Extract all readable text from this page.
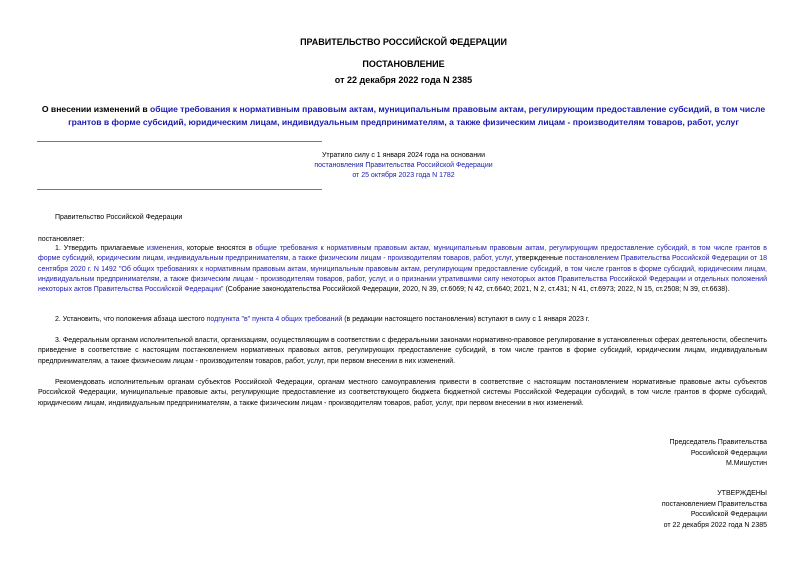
ПРАВИТЕЛЬСТВО РОССИЙСКОЙ ФЕДЕРАЦИИ
ПОСТАНОВЛЕНИЕ
от 22 декабря 2022 года N 2385
О внесении изменений в общие требования к нормативным правовым актам, муниципальным правовым актам, регулирующим предоставление субсидий, в том числе грантов в форме субсидий, юридическим лицам, индивидуальным предпринимателям, а также физическим лицам - производителям товаров, работ, услуг
Утратило силу с 1 января 2024 года на основании
постановления Правительства Российской Федерации
от 25 октября 2023 года N 1782
Правительство Российской Федерации
постановляет:
1. Утвердить прилагаемые изменения, которые вносятся в общие требования к нормативным правовым актам, муниципальным правовым актам, регулирующим предоставление субсидий, в том числе грантов в форме субсидий, юридическим лицам, индивидуальным предпринимателям, а также физическим лицам - производителям товаров, работ, услуг, утвержденные постановлением Правительства Российской Федерации от 18 сентября 2020 г. N 1492 "Об общих требованиях к нормативным правовым актам, муниципальным правовым актам, регулирующим предоставление субсидий, в том числе грантов в форме субсидий, юридическим лицам, индивидуальным предпринимателям, а также физическим лицам - производителям товаров, работ, услуг, и о признании утратившими силу некоторых актов Правительства Российской Федерации и отдельных положений некоторых актов Правительства Российской Федерации" (Собрание законодательства Российской Федерации, 2020, N 39, ст.6069; N 42, ст.6640; 2021, N 2, ст.431; N 41, ст.6973; 2022, N 15, ст.2508; N 39, ст.6638).
2. Установить, что положения абзаца шестого подпункта "в" пункта 4 общих требований (в редакции настоящего постановления) вступают в силу с 1 января 2023 г.
3. Федеральным органам исполнительной власти, организациям, осуществляющим в соответствии с федеральными законами нормативно-правовое регулирование в установленных сферах деятельности, обеспечить приведение в соответствие с настоящим постановлением нормативных правовых актов, регулирующих предоставление субсидий, в том числе грантов в форме субсидий, юридическим лицам, индивидуальным предпринимателям, а также физическим лицам - производителям товаров, работ, услуг, при первом внесении в них изменений.
Рекомендовать исполнительным органам субъектов Российской Федерации, органам местного самоуправления привести в соответствие с настоящим постановлением нормативные правовые акты субъектов Российской Федерации, муниципальные правовые акты, регулирующие предоставление из соответствующего бюджета бюджетной системы Российской Федерации субсидий, в том числе грантов в форме субсидий, юридическим лицам, индивидуальным предпринимателям, а также физическим лицам - производителям товаров, работ, услуг, при первом внесении в них изменений.
Председатель Правительства
Российской Федерации
М.Мишустин
УТВЕРЖДЕНЫ
постановлением Правительства
Российской Федерации
от 22 декабря 2022 года N 2385
